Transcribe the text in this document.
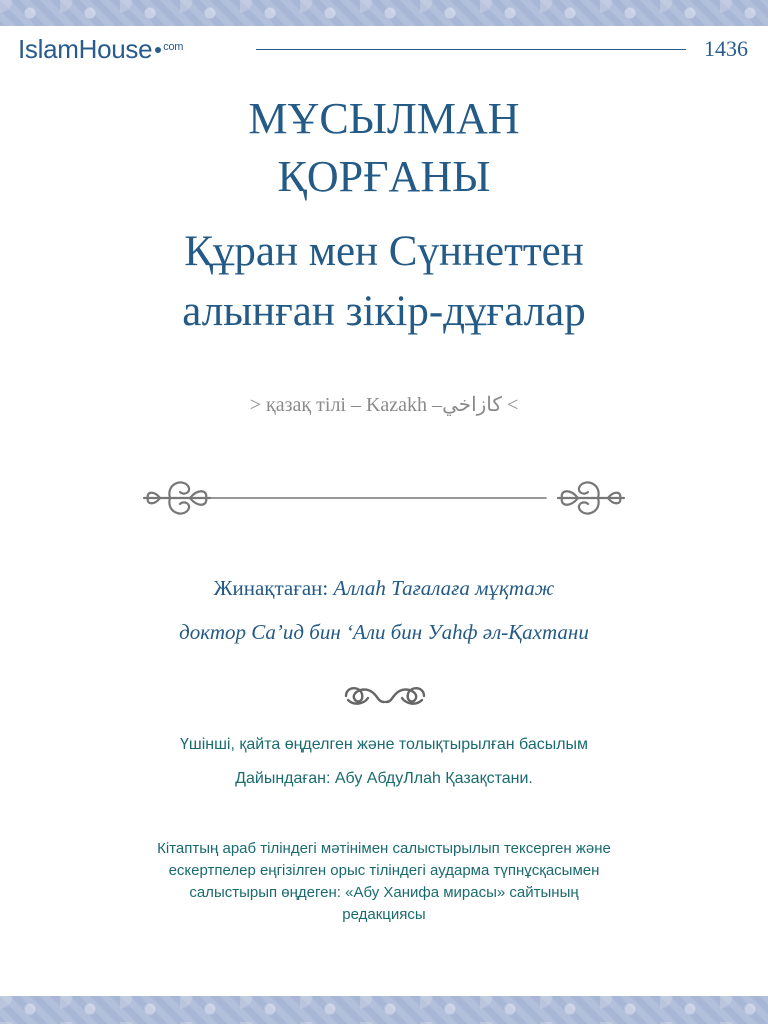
IslamHouse $^{com}$	1436
МҰСЫЛМАН
ҚОРҒАНЫ
Құран мен Сүннеттен
алынған зікір-дұғалар
> қазақ тілі – Kazakh –كازاخي <
Жинақтаған: Аллаһ Тағалаға мұқтаж
доктор Са’ид бин ‘Али бин Уаһф әл-Қахтани
Үшінші, қайта өңделген және толықтырылған басылым
Дайындаған: Абу АбдуЛлаһ Қазақстани.
Кітаптың араб тіліндегі мәтінімен салыстырылып тексерген және
ескертпелер еңгізілген орыс тіліндегі аудармa түпнұсқасымен
салыстырып өңдеген: «Абу Ханифа мирасы» сайтының
редакциясы
